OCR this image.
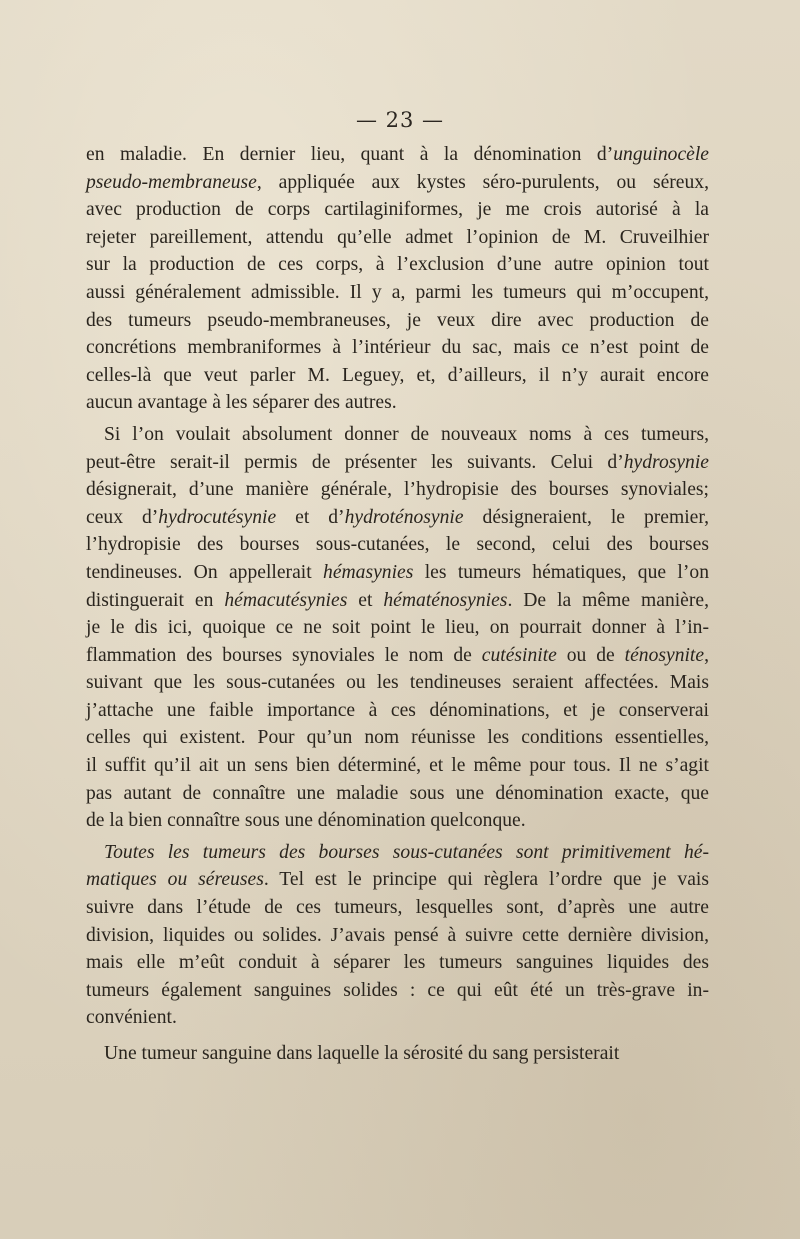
— 23 —
en maladie. En dernier lieu, quant à la dénomination d’unguinocèle
pseudo-membraneuse, appliquée aux kystes séro-purulents, ou séreux,
avec production de corps cartilaginiformes, je me crois autorisé à la
rejeter pareillement, attendu qu’elle admet l’opinion de M. Cruveilhier
sur la production de ces corps, à l’exclusion d’une autre opinion tout
aussi généralement admissible. Il y a, parmi les tumeurs qui m’occupent,
des tumeurs pseudo-membraneuses, je veux dire avec production de
concrétions membraniformes à l’intérieur du sac, mais ce n’est point de
celles-là que veut parler M. Leguey, et, d’ailleurs, il n’y aurait encore
aucun avantage à les séparer des autres.
Si l’on voulait absolument donner de nouveaux noms à ces tumeurs,
peut-être serait-il permis de présenter les suivants. Celui d’hydrosynie
désignerait, d’une manière générale, l’hydropisie des bourses synoviales;
ceux d’hydrocutésynie et d’hydroténosynie désigneraient, le premier,
l’hydropisie des bourses sous-cutanées, le second, celui des bourses
tendineuses. On appellerait hémasynies les tumeurs hématiques, que l’on
distinguerait en hémacutésynies et hématénosynies. De la même manière,
je le dis ici, quoique ce ne soit point le lieu, on pourrait donner à l’in-
flammation des bourses synoviales le nom de cutésinite ou de ténosynite,
suivant que les sous-cutanées ou les tendineuses seraient affectées. Mais
j’attache une faible importance à ces dénominations, et je conserverai
celles qui existent. Pour qu’un nom réunisse les conditions essentielles,
il suffit qu’il ait un sens bien déterminé, et le même pour tous. Il ne s’agit
pas autant de connaître une maladie sous une dénomination exacte, que
de la bien connaître sous une dénomination quelconque.
Toutes les tumeurs des bourses sous-cutanées sont primitivement hé-
matiques ou séreuses. Tel est le principe qui règlera l’ordre que je vais
suivre dans l’étude de ces tumeurs, lesquelles sont, d’après une autre
division, liquides ou solides. J’avais pensé à suivre cette dernière division,
mais elle m’eût conduit à séparer les tumeurs sanguines liquides des
tumeurs également sanguines solides : ce qui eût été un très-grave in-
convénient.
Une tumeur sanguine dans laquelle la sérosité du sang persisterait
